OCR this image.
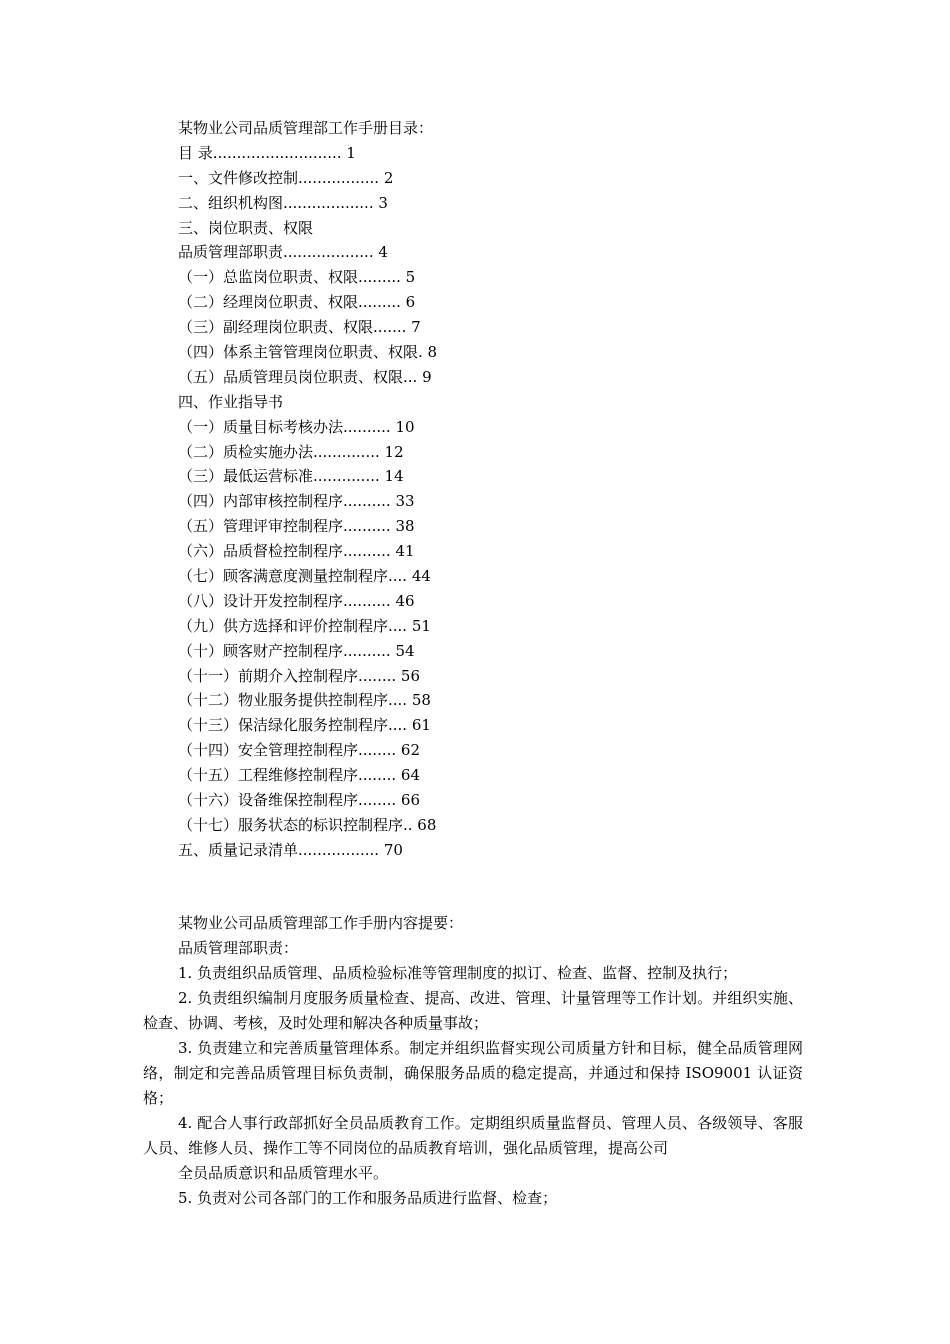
某物业公司品质管理部工作手册目录：
目 录........................... 1
一、文件修改控制................. 2
二、组织机构图................... 3
三、岗位职责、权限
品质管理部职责................... 4
（一）总监岗位职责、权限......... 5
（二）经理岗位职责、权限......... 6
（三）副经理岗位职责、权限....... 7
（四）体系主管管理岗位职责、权限. 8
（五）品质管理员岗位职责、权限... 9
四、作业指导书
（一）质量目标考核办法.......... 10
（二）质检实施办法.............. 12
（三）最低运营标准.............. 14
（四）内部审核控制程序.......... 33
（五）管理评审控制程序.......... 38
（六）品质督检控制程序.......... 41
（七）顾客满意度测量控制程序.... 44
（八）设计开发控制程序.......... 46
（九）供方选择和评价控制程序.... 51
（十）顾客财产控制程序.......... 54
（十一）前期介入控制程序........ 56
（十二）物业服务提供控制程序.... 58
（十三）保洁绿化服务控制程序.... 61
（十四）安全管理控制程序........ 62
（十五）工程维修控制程序........ 64
（十六）设备维保控制程序........ 66
（十七）服务状态的标识控制程序.. 68
五、质量记录清单................. 70
某物业公司品质管理部工作手册内容提要：
品质管理部职责：

1. 负责组织品质管理、品质检验标准等管理制度的拟订、检查、监督、控制及执行；

2. 负责组织编制月度服务质量检查、提高、改进、管理、计量管理等工作计划。并组织实施、检查、协调、考核，及时处理和解决各种质量事故；

3. 负责建立和完善质量管理体系。制定并组织监督实现公司质量方针和目标，健全品质管理网络，制定和完善品质管理目标负责制，确保服务品质的稳定提高，并通过和保持 ISO9001 认证资格；

4. 配合人事行政部抓好全员品质教育工作。定期组织质量监督员、管理人员、各级领导、客服人员、维修人员、操作工等不同岗位的品质教育培训，强化品质管理，提高公司

全员品质意识和品质管理水平。

5. 负责对公司各部门的工作和服务品质进行监督、检查；
